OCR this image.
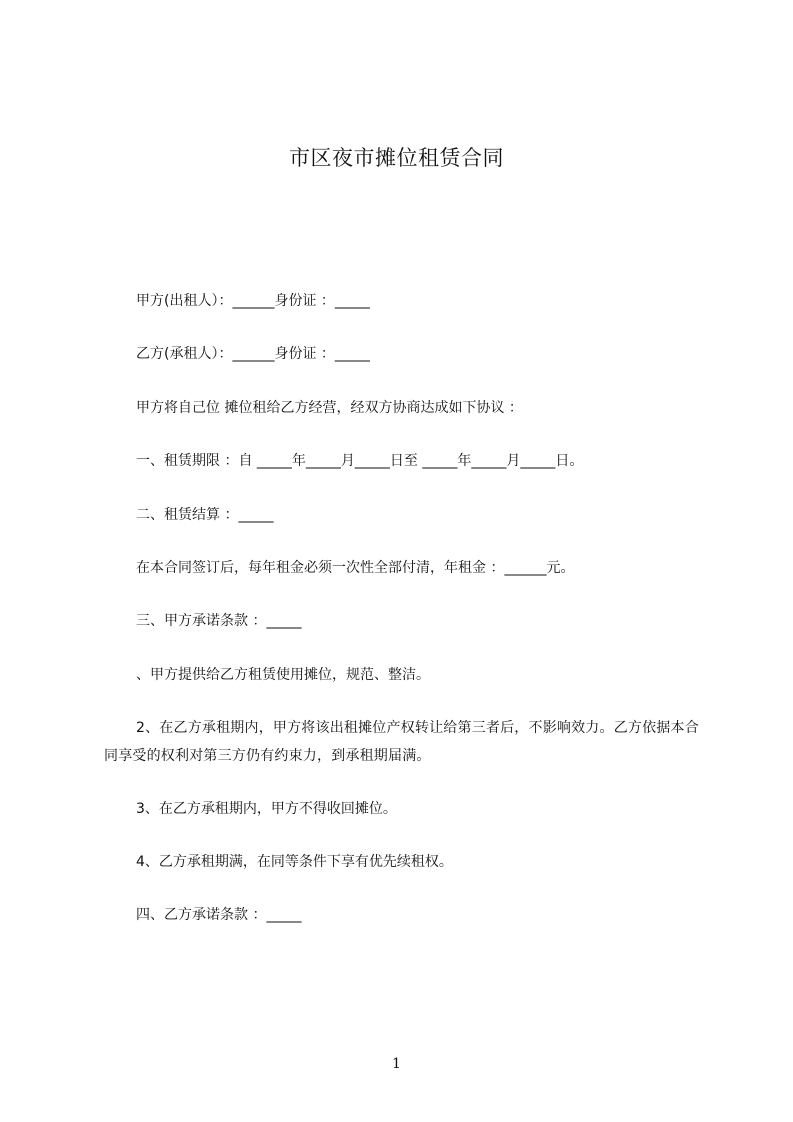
市区夜市摊位租赁合同

甲方(出租人）：______身份证 ：_____

乙方(承租人）：______身份证 ：_____

甲方将自己位 摊位租给乙方经营，经双方协商达成如下协议 ：

一、租赁期限 ：自 _____年_____月_____日至 _____年_____月_____日。

二、租赁结算 ：_____

在本合同签订后，每年租金必须一次性全部付清，年租金 ：______元。

三、甲方承诺条款 ：_____

、甲方提供给乙方租赁使用摊位，规范、整洁。

2、在乙方承租期内，甲方将该出租摊位产权转让给第三者后，不影响效力。乙方依据本合同享受的权利对第三方仍有约束力，到承租期届满。

3、在乙方承租期内，甲方不得收回摊位。

4、乙方承租期满，在同等条件下享有优先续租权。

四、乙方承诺条款 ：_____

1
